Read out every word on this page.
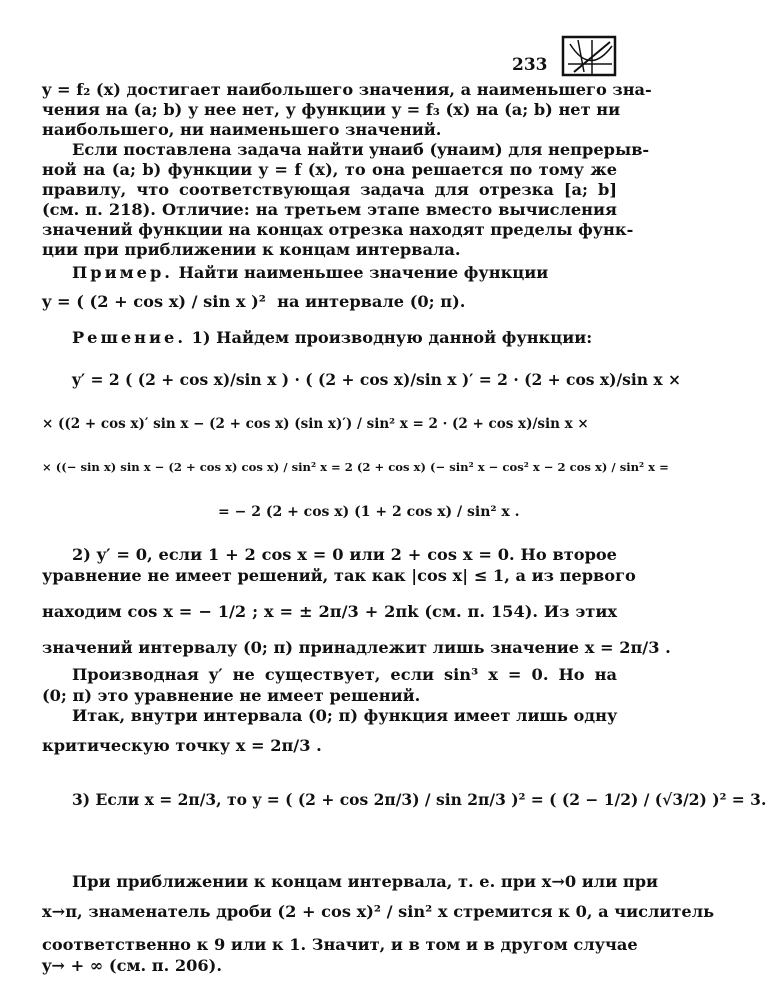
233
y = f₂ (x) достигает наибольшего значения, а наименьшего зна-
чения на (a; b) у нее нет, у функции y = f₃ (x) на (a; b) нет ни
наибольшего, ни наименьшего значений.
Если поставлена задача найти yнаиб (yнаим) для непрерыв-
ной на (a; b) функции y = f (x), то она решается по тому же
правилу, что соответствующая задача для отрезка [a; b]
(см. п. 218). Отличие: на третьем этапе вместо вычисления
значений функции на концах отрезка находят пределы функ-
ции при приближении к концам интервала.
Пример. Найти наименьшее значение функции
y = ( (2 + cos x) / sin x )² на интервале (0; π).
Решение. 1) Найдем производную данной функции:
y′ = 2 ( (2 + cos x)/sin x ) · ( (2 + cos x)/sin x )′ = 2 · (2 + cos x)/sin x ×
× ((2 + cos x)′ sin x − (2 + cos x) (sin x)′) / sin² x = 2 · (2 + cos x)/sin x ×
× ((− sin x) sin x − (2 + cos x) cos x) / sin² x = 2 (2 + cos x) (− sin² x − cos² x − 2 cos x) / sin² x =
= − 2 (2 + cos x) (1 + 2 cos x) / sin² x .
2) y′ = 0, если 1 + 2 cos x = 0 или 2 + cos x = 0. Но второе
уравнение не имеет решений, так как |cos x| ≤ 1, а из первого
находим cos x = − 1/2 ; x = ± 2π/3 + 2πk (см. п. 154). Из этих
значений интервалу (0; π) принадлежит лишь значение x = 2π/3 .
Производная y′ не существует, если sin³ x = 0. Но на
(0; π) это уравнение не имеет решений.
Итак, внутри интервала (0; π) функция имеет лишь одну
критическую точку x = 2π/3 .
3) Если x = 2π/3, то y = ( (2 + cos 2π/3) / sin 2π/3 )² = ( (2 − 1/2) / (√3/2) )² = 3.
При приближении к концам интервала, т. е. при x→0 или при
x→π, знаменатель дроби (2 + cos x)² / sin² x стремится к 0, а числитель
соответственно к 9 или к 1. Значит, и в том и в другом случае
y→ + ∞ (см. п. 206).
